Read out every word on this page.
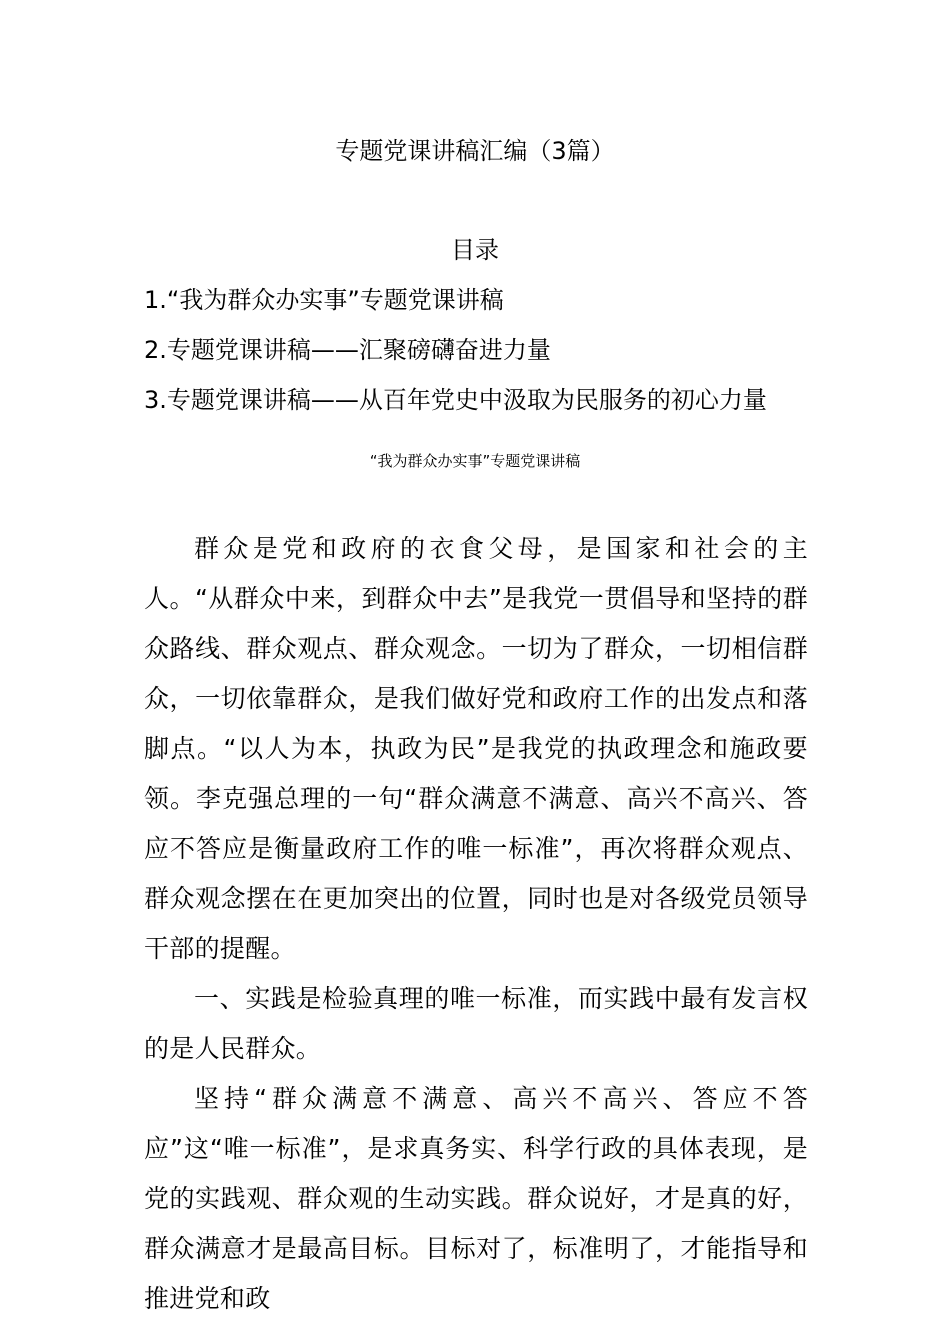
专题党课讲稿汇编（3篇）
目录
1.“我为群众办实事”专题党课讲稿
2.专题党课讲稿——汇聚磅礴奋进力量
3.专题党课讲稿——从百年党史中汲取为民服务的初心力量
“我为群众办实事”专题党课讲稿

群众是党和政府的衣食父母，是国家和社会的主人。“从群众中来，到群众中去”是我党一贯倡导和坚持的群众路线、群众观点、群众观念。一切为了群众，一切相信群众，一切依靠群众，是我们做好党和政府工作的出发点和落脚点。“以人为本，执政为民”是我党的执政理念和施政要领。李克强总理的一句“群众满意不满意、高兴不高兴、答应不答应是衡量政府工作的唯一标准”，再次将群众观点、群众观念摆在在更加突出的位置，同时也是对各级党员领导干部的提醒。

一、实践是检验真理的唯一标准，而实践中最有发言权的是人民群众。

坚持“群众满意不满意、高兴不高兴、答应不答应”这“唯一标准”，是求真务实、科学行政的具体表现，是党的实践观、群众观的生动实践。群众说好，才是真的好，群众满意才是最高目标。目标对了，标准明了，才能指导和推进党和政
